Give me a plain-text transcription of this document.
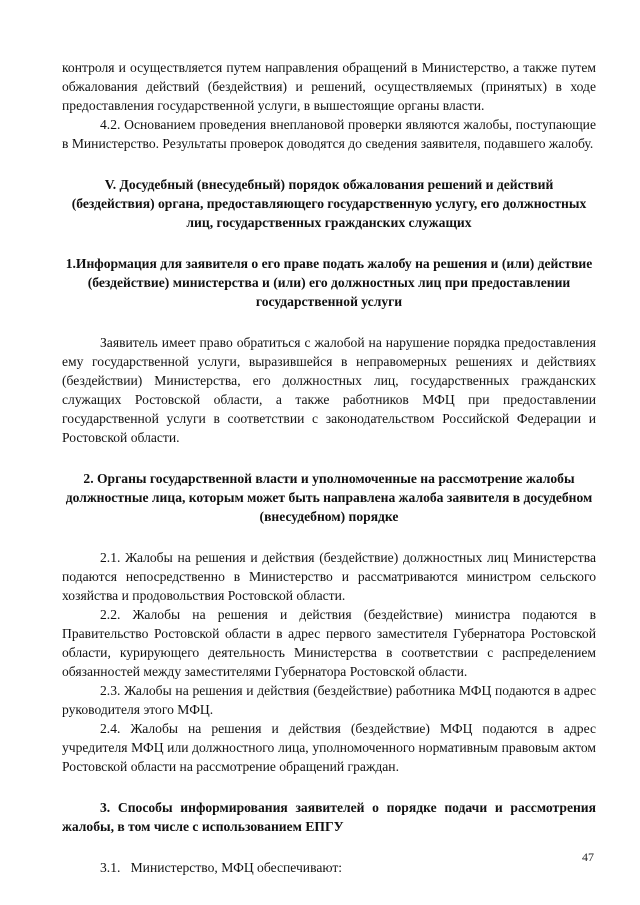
контроля и осуществляется путем направления обращений в Министерство, а также путем обжалования действий (бездействия) и решений, осуществляемых (принятых) в ходе предоставления государственной услуги, в вышестоящие органы власти.

4.2. Основанием проведения внеплановой проверки являются жалобы, поступающие в Министерство. Результаты проверок доводятся до сведения заявителя, подавшего жалобу.

V. Досудебный (внесудебный) порядок обжалования решений и действий (бездействия) органа, предоставляющего государственную услугу, его должностных лиц, государственных гражданских служащих

1.Информация для заявителя о его праве подать жалобу на решения и (или) действие (бездействие) министерства и (или) его должностных лиц при предоставлении государственной услуги

Заявитель имеет право обратиться с жалобой на нарушение порядка предоставления ему государственной услуги, выразившейся в неправомерных решениях и действиях (бездействии) Министерства, его должностных лиц, государственных гражданских служащих Ростовской области, а также работников МФЦ при предоставлении государственной услуги в соответствии с законодательством Российской Федерации и Ростовской области.

2. Органы государственной власти и уполномоченные на рассмотрение жалобы должностные лица, которым может быть направлена жалоба заявителя в досудебном (внесудебном) порядке

2.1. Жалобы на решения и действия (бездействие) должностных лиц Министерства подаются непосредственно в Министерство и рассматриваются министром сельского хозяйства и продовольствия Ростовской области.

2.2. Жалобы на решения и действия (бездействие) министра подаются в Правительство Ростовской области в адрес первого заместителя Губернатора Ростовской области, курирующего деятельность Министерства в соответствии с распределением обязанностей между заместителями Губернатора Ростовской области.

2.3. Жалобы на решения и действия (бездействие) работника МФЦ подаются в адрес руководителя этого МФЦ.

2.4. Жалобы на решения и действия (бездействие) МФЦ подаются в адрес учредителя МФЦ или должностного лица, уполномоченного нормативным правовым актом Ростовской области на рассмотрение обращений граждан.

3. Способы информирования заявителей о порядке подачи и рассмотрения жалобы, в том числе с использованием ЕПГУ

3.1.   Министерство, МФЦ обеспечивают:

47
